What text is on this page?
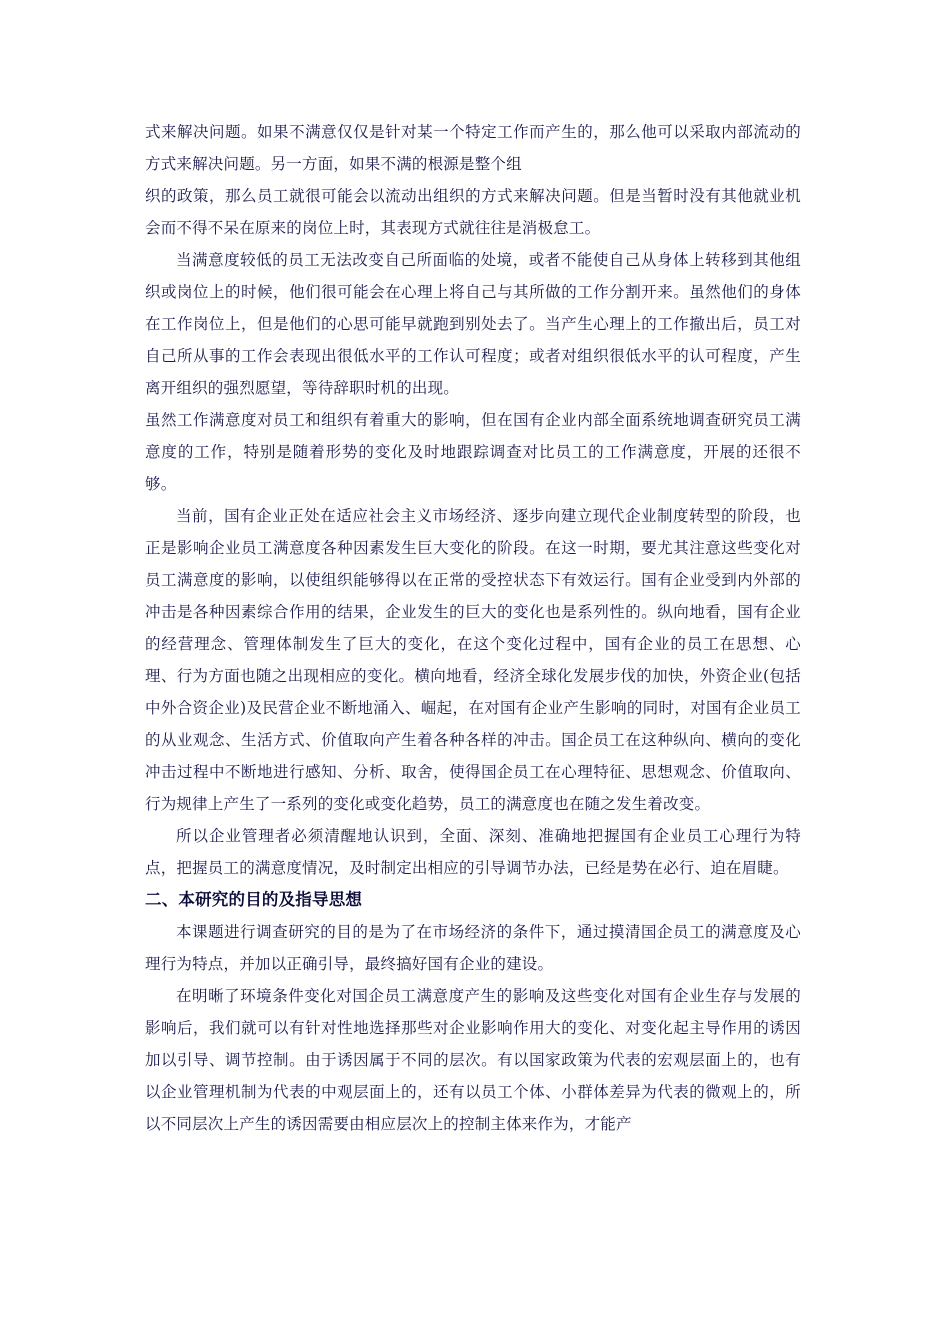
式来解决问题。如果不满意仅仅是针对某一个特定工作而产生的，那么他可以采取内部流动的方式来解决问题。另一方面，如果不满的根源是整个组

织的政策，那么员工就很可能会以流动出组织的方式来解决问题。但是当暂时没有其他就业机会而不得不呆在原来的岗位上时，其表现方式就往往是消极怠工。

当满意度较低的员工无法改变自己所面临的处境，或者不能使自己从身体上转移到其他组织或岗位上的时候，他们很可能会在心理上将自己与其所做的工作分割开来。虽然他们的身体在工作岗位上，但是他们的心思可能早就跑到别处去了。当产生心理上的工作撤出后，员工对自己所从事的工作会表现出很低水平的工作认可程度；或者对组织很低水平的认可程度，产生离开组织的强烈愿望，等待辞职时机的出现。

虽然工作满意度对员工和组织有着重大的影响，但在国有企业内部全面系统地调查研究员工满意度的工作，特别是随着形势的变化及时地跟踪调查对比员工的工作满意度，开展的还很不够。

当前，国有企业正处在适应社会主义市场经济、逐步向建立现代企业制度转型的阶段，也正是影响企业员工满意度各种因素发生巨大变化的阶段。在这一时期，要尤其注意这些变化对员工满意度的影响，以使组织能够得以在正常的受控状态下有效运行。国有企业受到内外部的冲击是各种因素综合作用的结果，企业发生的巨大的变化也是系列性的。纵向地看，国有企业的经营理念、管理体制发生了巨大的变化，在这个变化过程中，国有企业的员工在思想、心理、行为方面也随之出现相应的变化。横向地看，经济全球化发展步伐的加快，外资企业(包括中外合资企业)及民营企业不断地涌入、崛起，在对国有企业产生影响的同时，对国有企业员工的从业观念、生活方式、价值取向产生着各种各样的冲击。国企员工在这种纵向、横向的变化冲击过程中不断地进行感知、分析、取舍，使得国企员工在心理特征、思想观念、价值取向、行为规律上产生了一系列的变化或变化趋势，员工的满意度也在随之发生着改变。

所以企业管理者必须清醒地认识到，全面、深刻、准确地把握国有企业员工心理行为特点，把握员工的满意度情况，及时制定出相应的引导调节办法，已经是势在必行、迫在眉睫。

二、本研究的目的及指导思想

本课题进行调查研究的目的是为了在市场经济的条件下，通过摸清国企员工的满意度及心理行为特点，并加以正确引导，最终搞好国有企业的建设。

在明晰了环境条件变化对国企员工满意度产生的影响及这些变化对国有企业生存与发展的影响后，我们就可以有针对性地选择那些对企业影响作用大的变化、对变化起主导作用的诱因加以引导、调节控制。由于诱因属于不同的层次。有以国家政策为代表的宏观层面上的，也有以企业管理机制为代表的中观层面上的，还有以员工个体、小群体差异为代表的微观上的，所以不同层次上产生的诱因需要由相应层次上的控制主体来作为，才能产
